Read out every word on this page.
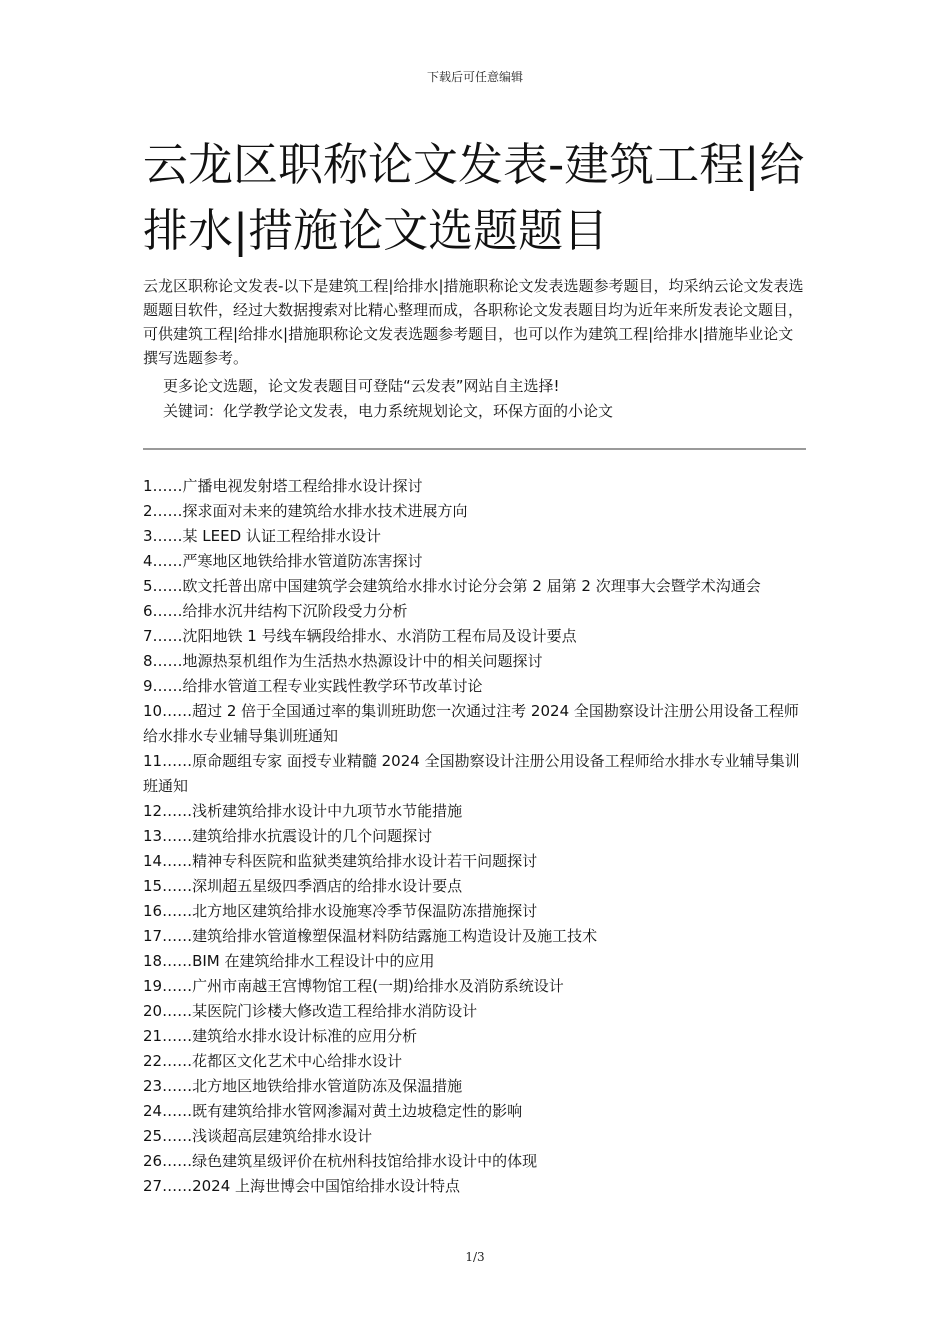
下载后可任意编辑
云龙区职称论文发表-建筑工程|给排水|措施论文选题题目

云龙区职称论文发表-以下是建筑工程|给排水|措施职称论文发表选题参考题目，均采纳云论文发表选题题目软件，经过大数据搜索对比精心整理而成，各职称论文发表题目均为近年来所发表论文题目，可供建筑工程|给排水|措施职称论文发表选题参考题目，也可以作为建筑工程|给排水|措施毕业论文撰写选题参考。

更多论文选题，论文发表题目可登陆“云发表”网站自主选择!
关键词：化学教学论文发表，电力系统规划论文，环保方面的小论文
1……广播电视发射塔工程给排水设计探讨
2……探求面对未来的建筑给水排水技术进展方向
3……某 LEED 认证工程给排水设计
4……严寒地区地铁给排水管道防冻害探讨
5……欧文托普出席中国建筑学会建筑给水排水讨论分会第 2 届第 2 次理事大会暨学术沟通会
6……给排水沉井结构下沉阶段受力分析
7……沈阳地铁 1 号线车辆段给排水、水消防工程布局及设计要点
8……地源热泵机组作为生活热水热源设计中的相关问题探讨
9……给排水管道工程专业实践性教学环节改革讨论
10……超过 2 倍于全国通过率的集训班助您一次通过注考 2024 全国勘察设计注册公用设备工程师给水排水专业辅导集训班通知
11……原命题组专家 面授专业精髓 2024 全国勘察设计注册公用设备工程师给水排水专业辅导集训班通知
12……浅析建筑给排水设计中九项节水节能措施
13……建筑给排水抗震设计的几个问题探讨
14……精神专科医院和监狱类建筑给排水设计若干问题探讨
15……深圳超五星级四季酒店的给排水设计要点
16……北方地区建筑给排水设施寒冷季节保温防冻措施探讨
17……建筑给排水管道橡塑保温材料防结露施工构造设计及施工技术
18……BIM 在建筑给排水工程设计中的应用
19……广州市南越王宫博物馆工程(一期)给排水及消防系统设计
20……某医院门诊楼大修改造工程给排水消防设计
21……建筑给水排水设计标准的应用分析
22……花都区文化艺术中心给排水设计
23……北方地区地铁给排水管道防冻及保温措施
24……既有建筑给排水管网渗漏对黄土边坡稳定性的影响
25……浅谈超高层建筑给排水设计
26……绿色建筑星级评价在杭州科技馆给排水设计中的体现
27……2024 上海世博会中国馆给排水设计特点
1/3
